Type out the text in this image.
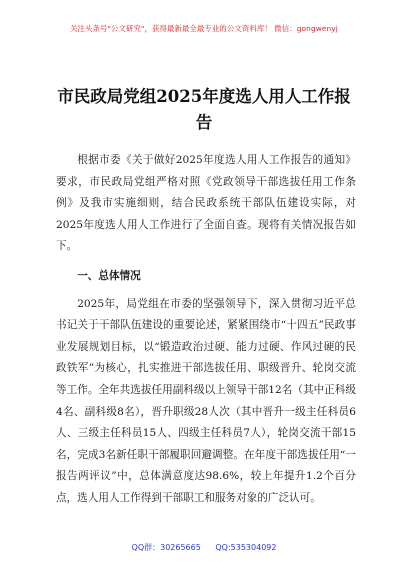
关注头条号"公文研究"，获得最新最全最专业的公文资料库！ 微信：gongwenyj
市民政局党组2025年度选人用人工作报告

根据市委《关于做好2025年度选人用人工作报告的通知》要求，市民政局党组严格对照《党政领导干部选拔任用工作条例》及我市实施细则，结合民政系统干部队伍建设实际，对2025年度选人用人工作进行了全面自查。现将有关情况报告如下。

一、总体情况

2025年，局党组在市委的坚强领导下，深入贯彻习近平总书记关于干部队伍建设的重要论述，紧紧围绕市“十四五”民政事业发展规划目标，以“锻造政治过硬、能力过硬、作风过硬的民政铁军”为核心，扎实推进干部选拔任用、职级晋升、轮岗交流等工作。全年共选拔任用副科级以上领导干部12名（其中正科级4名、副科级8名），晋升职级28人次（其中晋升一级主任科员6人、三级主任科员15人、四级主任科员7人），轮岗交流干部15名，完成3名新任职干部履职回避调整。在年度干部选拔任用“一报告两评议”中，总体满意度达98.6%，较上年提升1.2个百分点，选人用人工作得到干部职工和服务对象的广泛认可。

QQ群：30265665 QQ:535304092
